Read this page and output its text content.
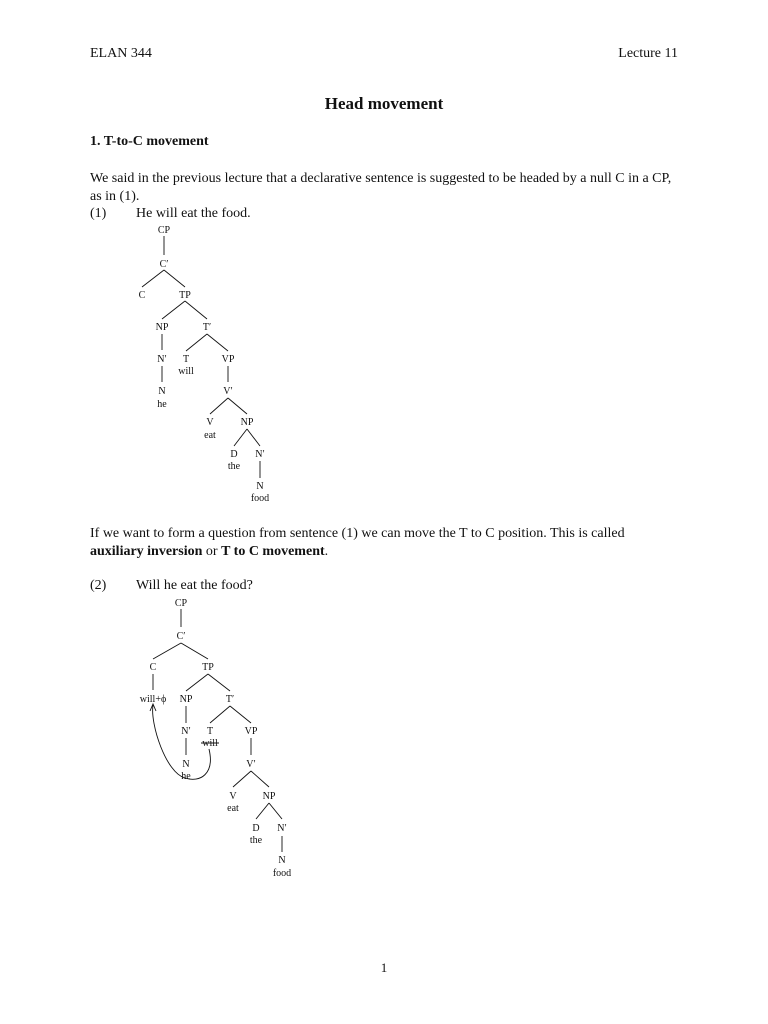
ELAN 344	Lecture 11
Head movement
1. T-to-C movement
We said in the previous lecture that a declarative sentence is suggested to be headed by a null C in a CP, as in (1).
(1) He will eat the food.
CP
C′
C	TP
NP	T′
N′ T
will
VP
N
he
V′
V
eat
NP
D
the
N′
N
food
If we want to form a question from sentence (1) we can move the T to C position. This is called auxiliary inversion or T to C movement.
(2) Will he eat the food?
CP
C′
C
will+ϕ
TP
NP	T′
N′ T
will
VP
N
he
V′
V
eat
NP
D
the
N′
N
food
1
